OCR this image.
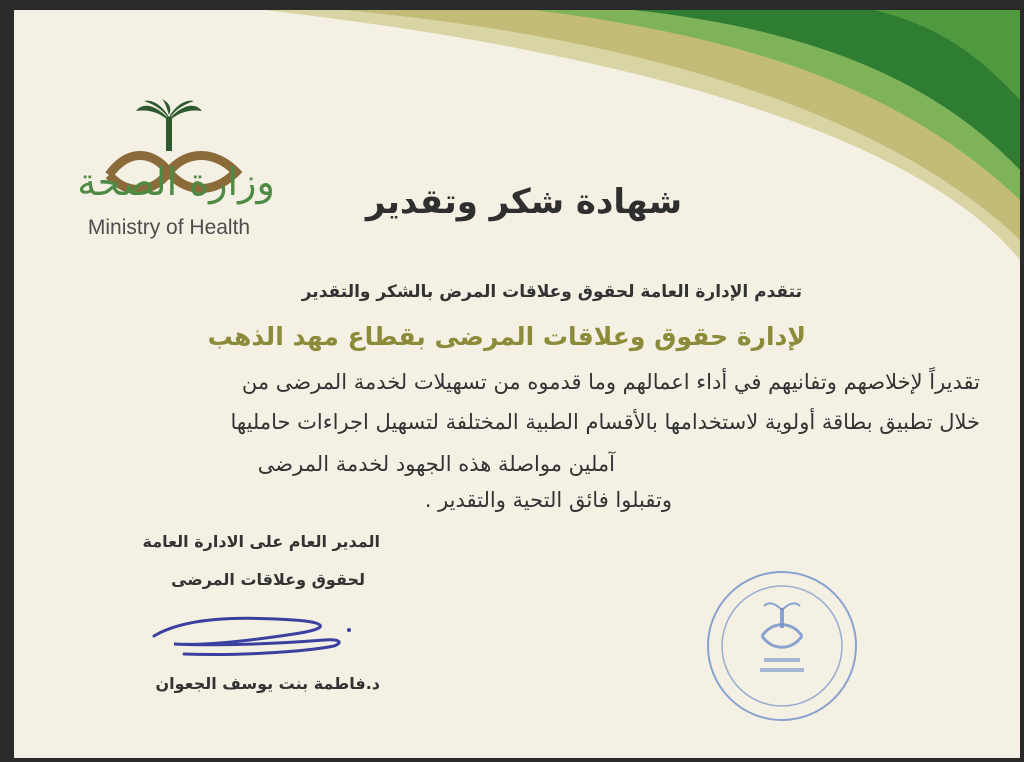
وزارة الصحة
Ministry of Health
شهادة شكر وتقدير
تتقدم الإدارة العامة لحقوق وعلاقات المرض بالشكر والتقدير
لإدارة حقوق وعلاقات المرضى بقطاع مهد الذهب
تقديراً لإخلاصهم وتفانيهم في أداء اعمالهم وما قدموه من تسهيلات لخدمة المرضى من
خلال تطبيق بطاقة أولوية لاستخدامها بالأقسام الطبية المختلفة لتسهيل اجراءات حامليها
آملين مواصلة هذه الجهود لخدمة المرضى
وتقبلوا فائق التحية والتقدير .
المدير العام على الادارة العامة
لحقوق وعلاقات المرضى
د.فاطمة بنت يوسف الجعوان
